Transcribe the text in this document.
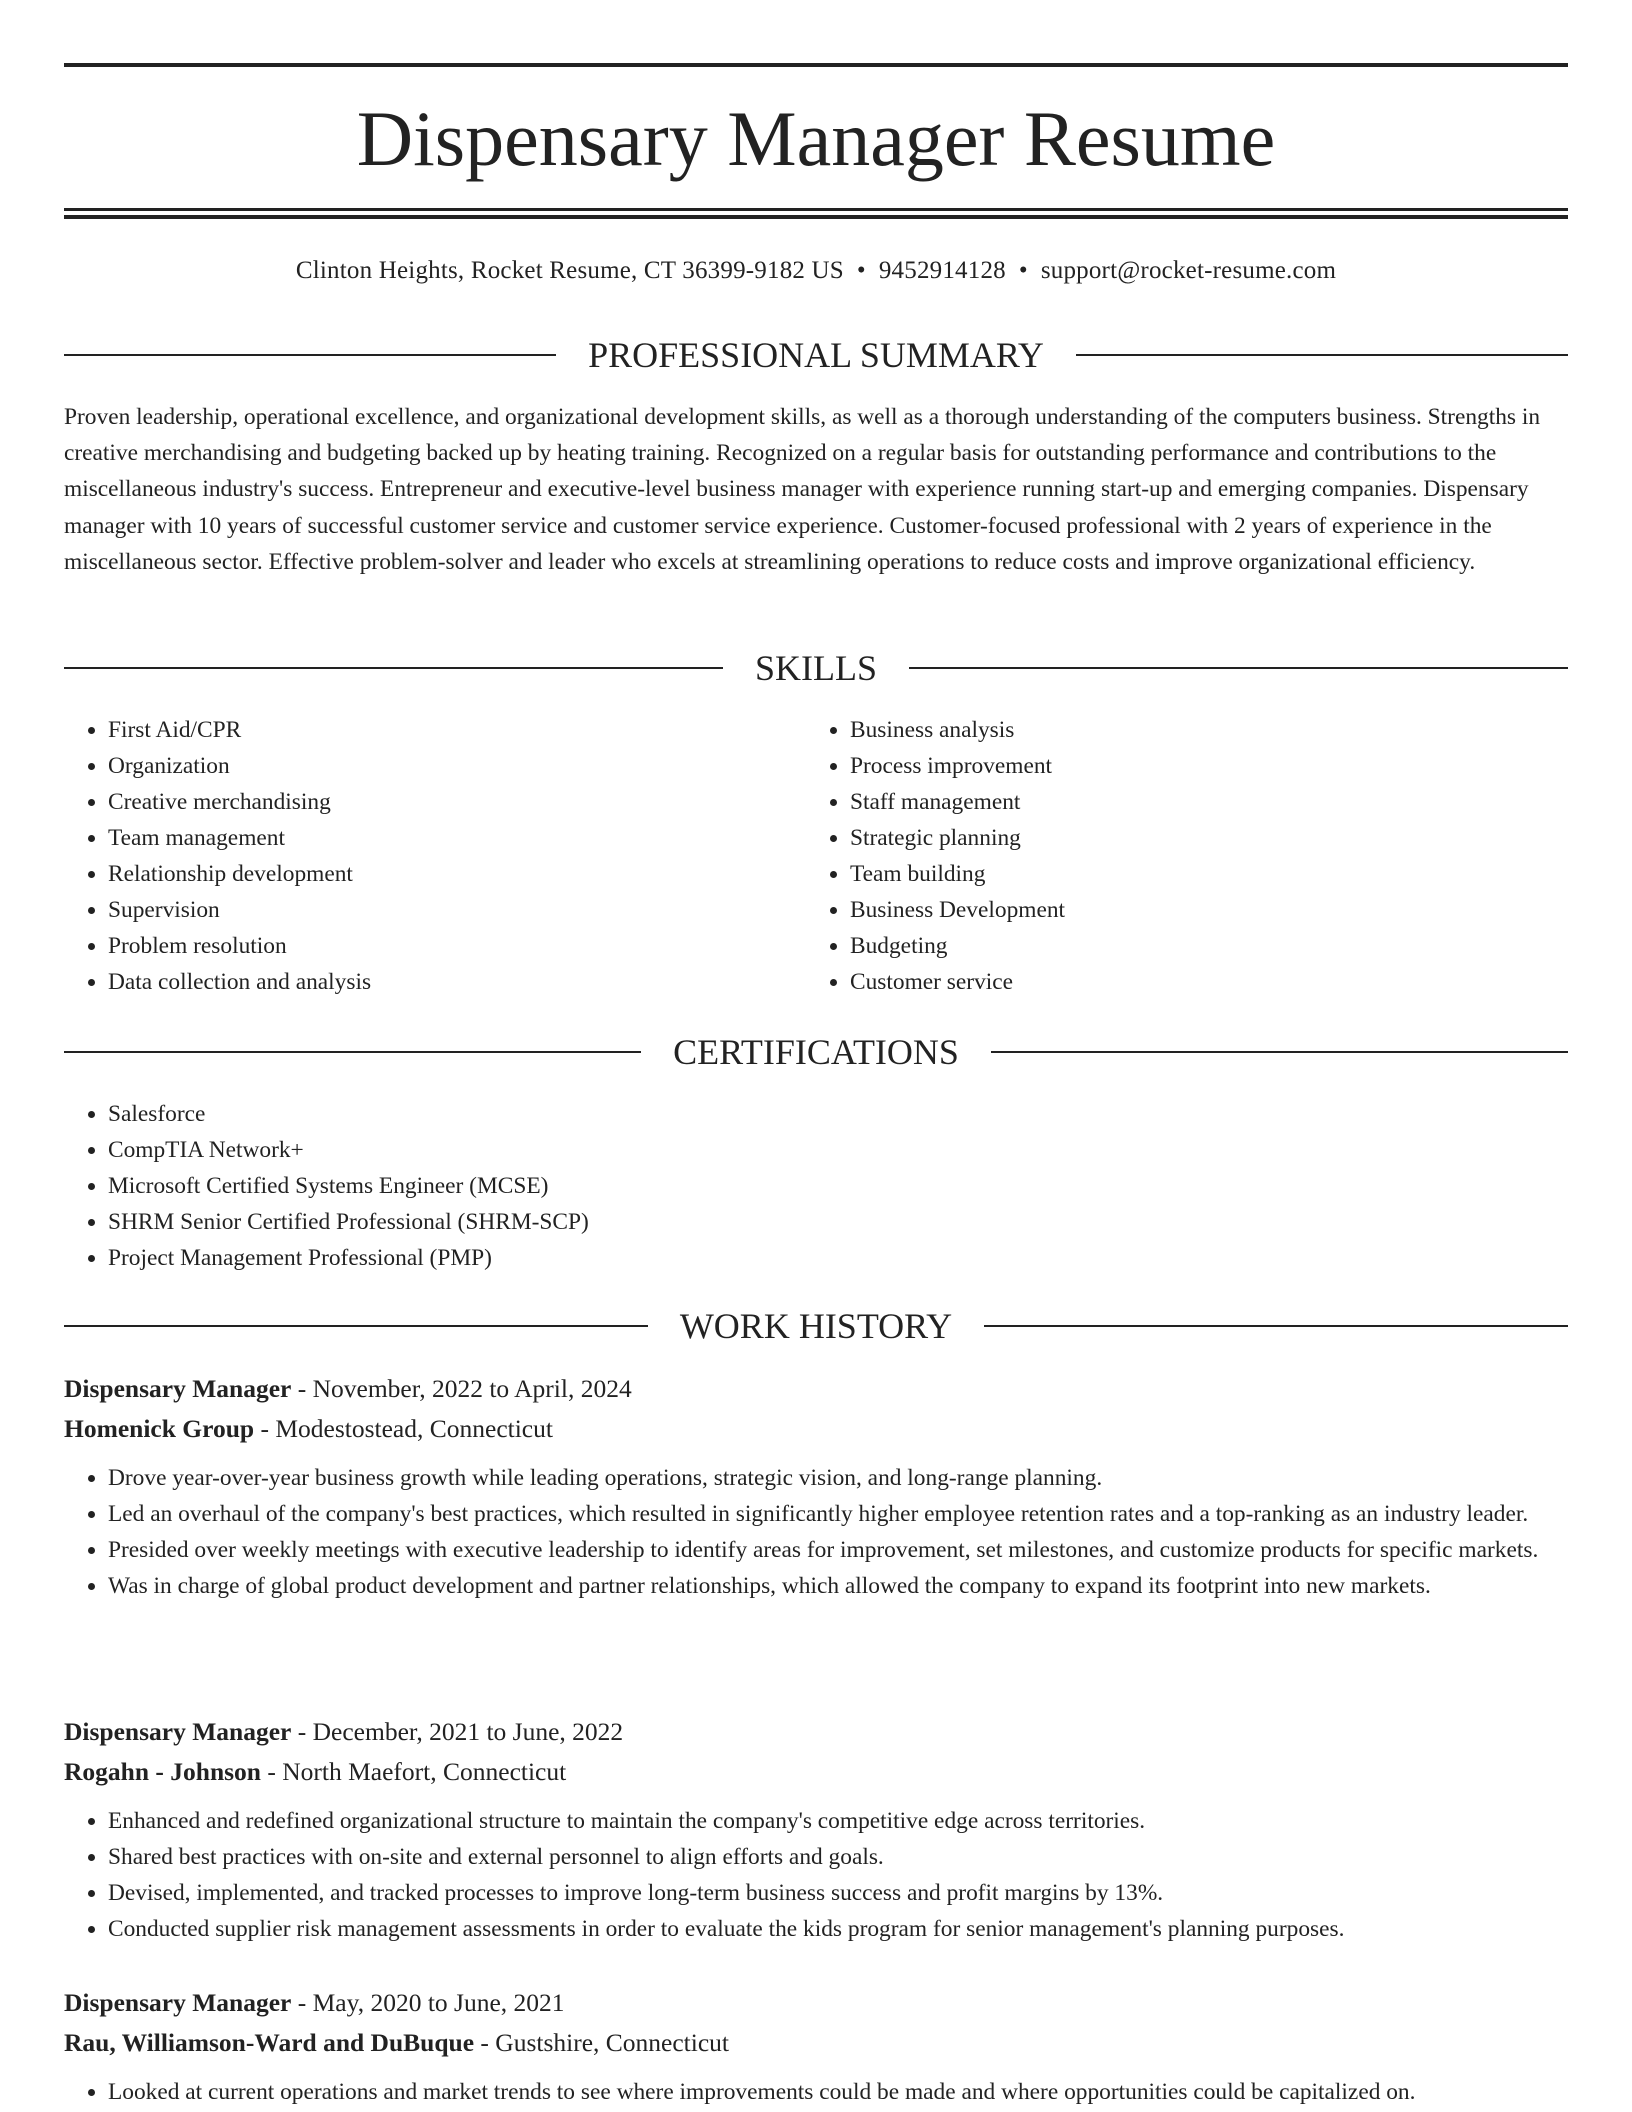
Dispensary Manager Resume
Clinton Heights, Rocket Resume, CT 36399-9182 US • 9452914128 • support@rocket-resume.com
PROFESSIONAL SUMMARY

Proven leadership, operational excellence, and organizational development skills, as well as a thorough understanding of the computers business. Strengths in creative merchandising and budgeting backed up by heating training. Recognized on a regular basis for outstanding performance and contributions to the miscellaneous industry's success. Entrepreneur and executive-level business manager with experience running start-up and emerging companies. Dispensary manager with 10 years of successful customer service and customer service experience. Customer-focused professional with 2 years of experience in the miscellaneous sector. Effective problem-solver and leader who excels at streamlining operations to reduce costs and improve organizational efficiency.

SKILLS
• First Aid/CPR
• Organization
• Creative merchandising
• Team management
• Relationship development
• Supervision
• Problem resolution
• Data collection and analysis
• Business analysis
• Process improvement
• Staff management
• Strategic planning
• Team building
• Business Development
• Budgeting
• Customer service
CERTIFICATIONS
• Salesforce
• CompTIA Network+
• Microsoft Certified Systems Engineer (MCSE)
• SHRM Senior Certified Professional (SHRM-SCP)
• Project Management Professional (PMP)
WORK HISTORY

Dispensary Manager - November, 2022 to April, 2024

Homenick Group - Modestostead, Connecticut

• Drove year-over-year business growth while leading operations, strategic vision, and long-range planning.
• Led an overhaul of the company's best practices, which resulted in significantly higher employee retention rates and a top-ranking as an industry leader.
• Presided over weekly meetings with executive leadership to identify areas for improvement, set milestones, and customize products for specific markets.
• Was in charge of global product development and partner relationships, which allowed the company to expand its footprint into new markets.

Dispensary Manager - December, 2021 to June, 2022

Rogahn - Johnson - North Maefort, Connecticut

• Enhanced and redefined organizational structure to maintain the company's competitive edge across territories.
• Shared best practices with on-site and external personnel to align efforts and goals.
• Devised, implemented, and tracked processes to improve long-term business success and profit margins by 13%.
• Conducted supplier risk management assessments in order to evaluate the kids program for senior management's planning purposes.

Dispensary Manager - May, 2020 to June, 2021

Rau, Williamson-Ward and DuBuque - Gustshire, Connecticut

• Looked at current operations and market trends to see where improvements could be made and where opportunities could be capitalized on.
